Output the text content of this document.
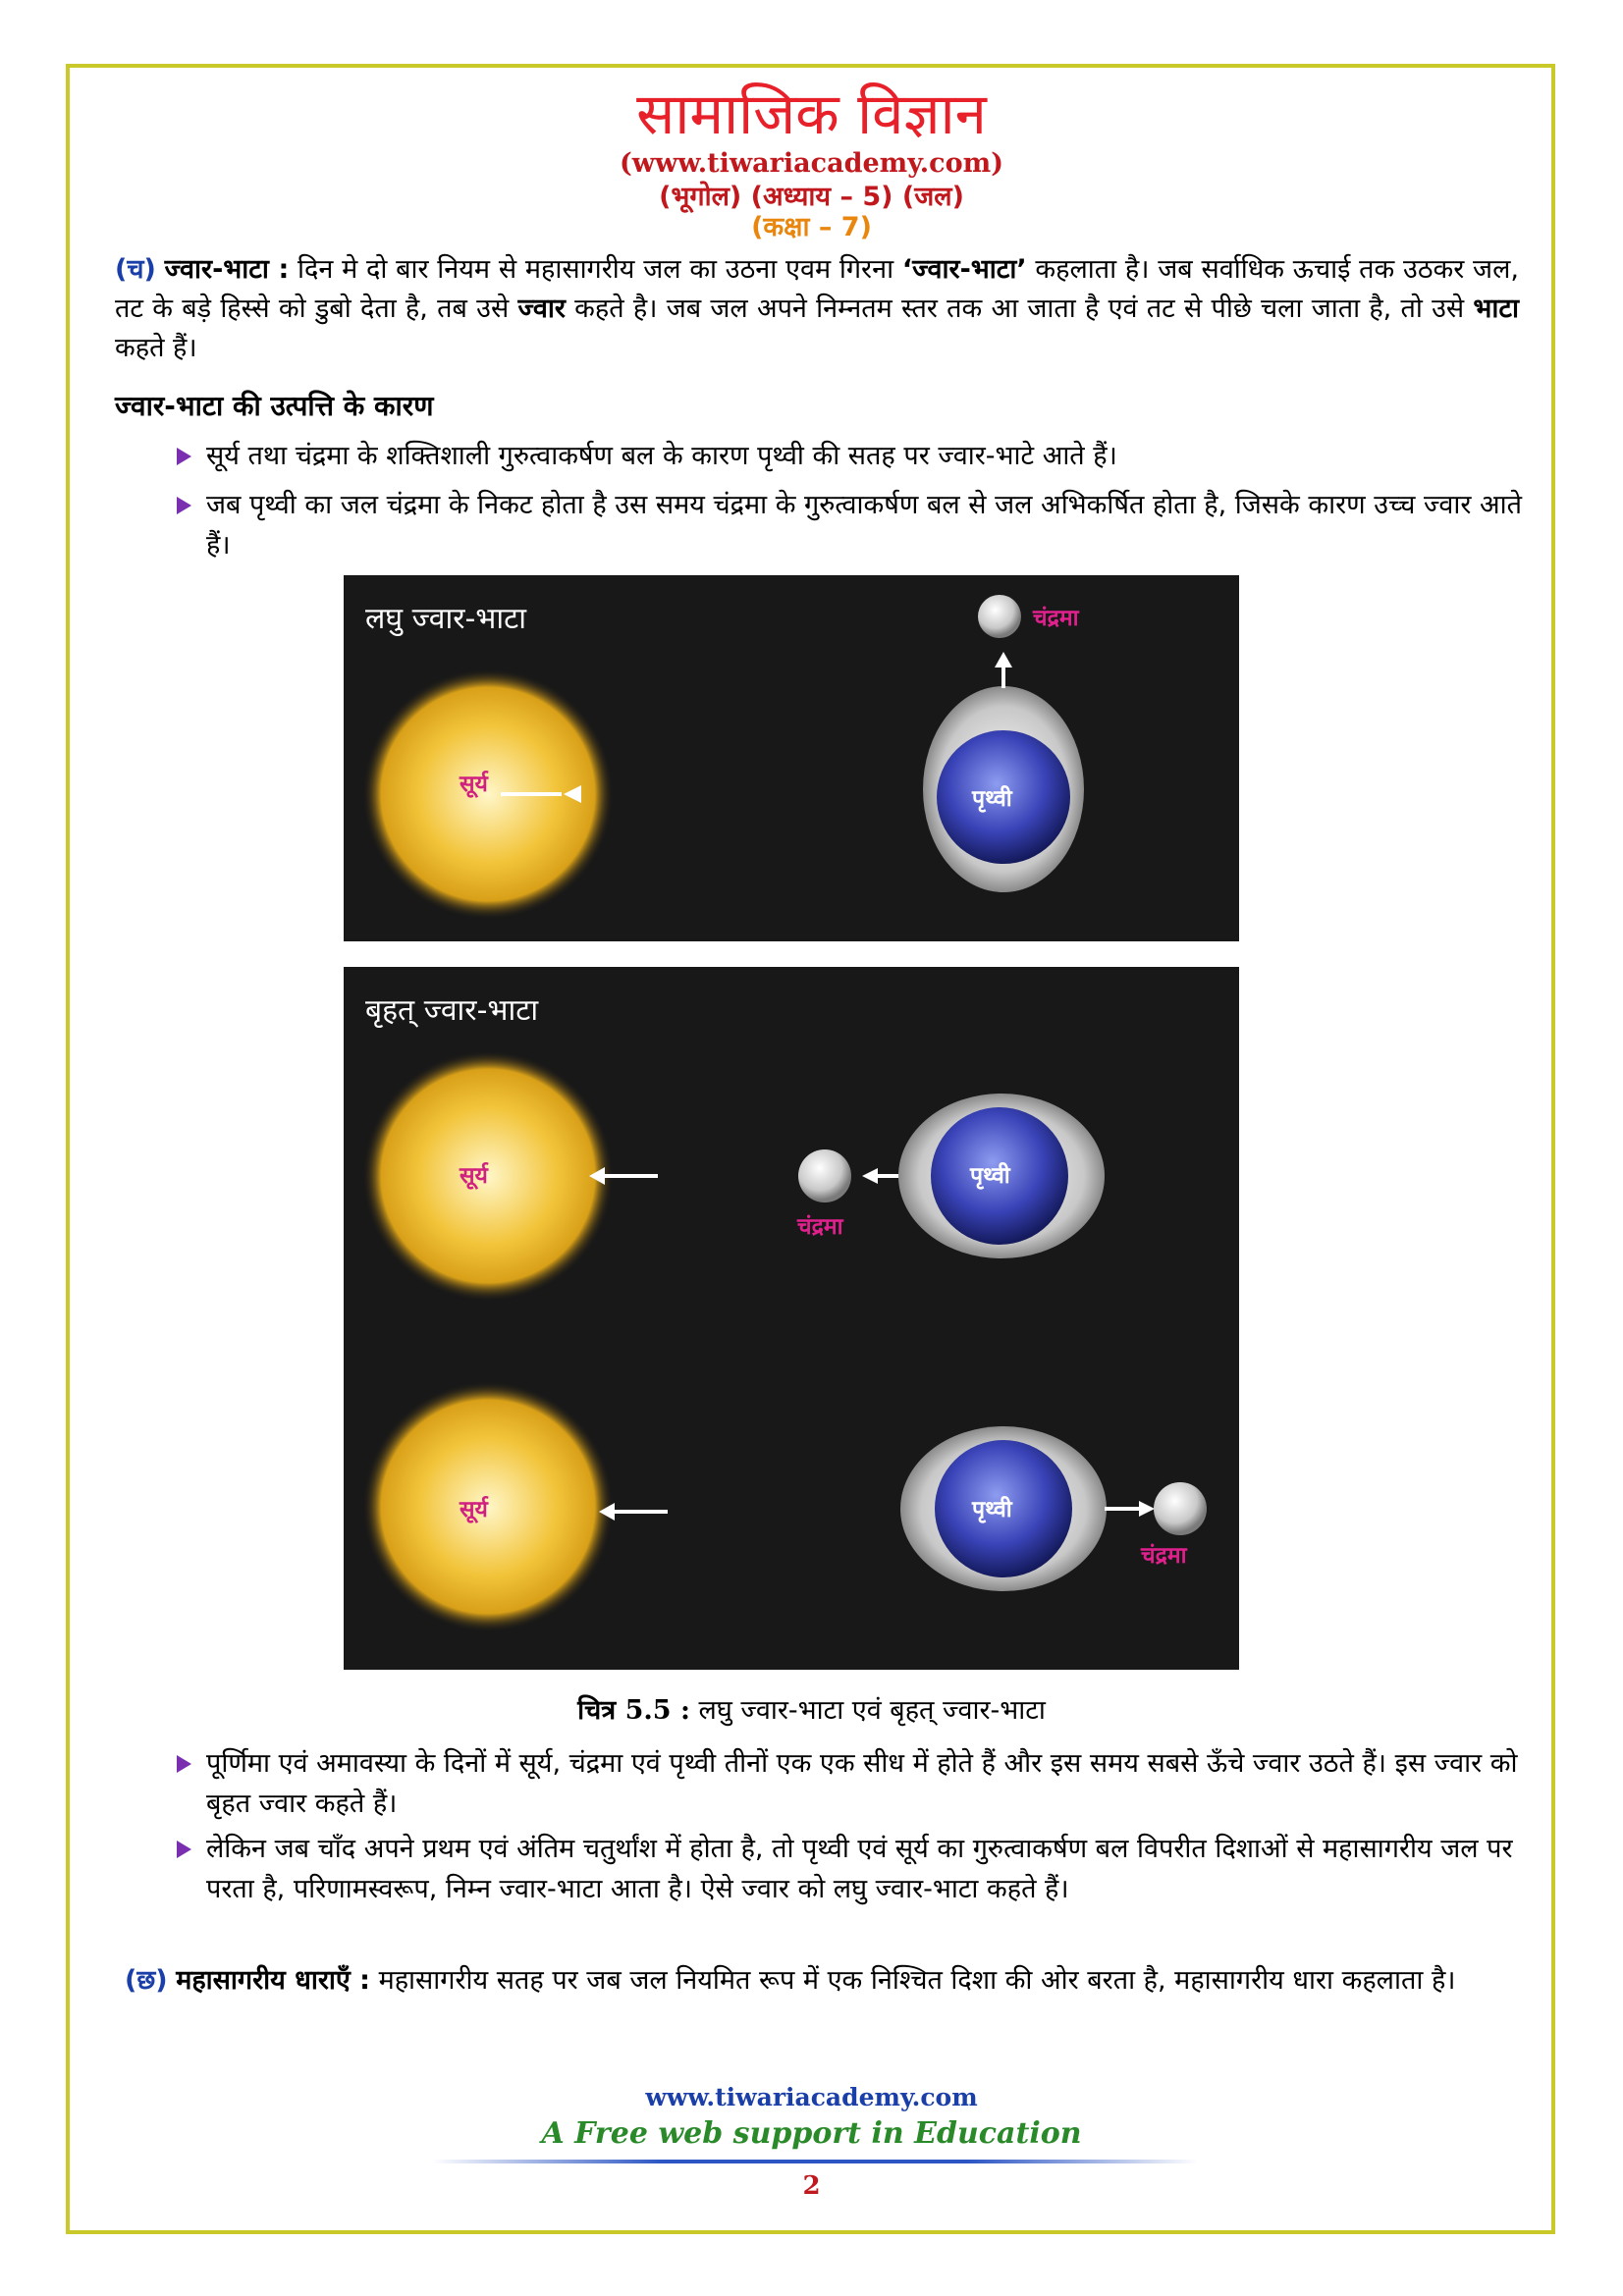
सामाजिक विज्ञान
(www.tiwariacademy.com)
(भूगोल) (अध्याय – 5) (जल)
(कक्षा – 7)
(च) ज्वार-भाटा : दिन मे दो बार नियम से महासागरीय जल का उठना एवम गिरना ‘ज्वार-भाटा’ कहलाता है। जब सर्वाधिक ऊचाई तक उठकर जल, तट के बड़े हिस्से को डुबो देता है, तब उसे ज्वार कहते है। जब जल अपने निम्नतम स्तर तक आ जाता है एवं तट से पीछे चला जाता है, तो उसे भाटा कहते हैं।
ज्वार-भाटा की उत्पत्ति के कारण
सूर्य तथा चंद्रमा के शक्तिशाली गुरुत्वाकर्षण बल के कारण पृथ्वी की सतह पर ज्वार-भाटे आते हैं।
जब पृथ्वी का जल चंद्रमा के निकट होता है उस समय चंद्रमा के गुरुत्वाकर्षण बल से जल अभिकर्षित होता है, जिसके कारण उच्च ज्वार आते हैं।
लघु ज्वार-भाटा
सूर्य
पृथ्वी
चंद्रमा
बृहत् ज्वार-भाटा
सूर्य	पृथ्वी
चंद्रमा
सूर्य	पृथ्वी
चंद्रमा
चित्र 5.5 : लघु ज्वार-भाटा एवं बृहत् ज्वार-भाटा
पूर्णिमा एवं अमावस्या के दिनों में सूर्य, चंद्रमा एवं पृथ्वी तीनों एक एक सीध में होते हैं और इस समय सबसे ऊँचे ज्वार उठते हैं। इस ज्वार को बृहत ज्वार कहते हैं।
लेकिन जब चाँद अपने प्रथम एवं अंतिम चतुर्थांश में होता है, तो पृथ्वी एवं सूर्य का गुरुत्वाकर्षण बल विपरीत दिशाओं से महासागरीय जल पर परता है, परिणामस्वरूप, निम्न ज्वार-भाटा आता है। ऐसे ज्वार को लघु ज्वार-भाटा कहते हैं।
(छ) महासागरीय धाराएँ : महासागरीय सतह पर जब जल नियमित रूप में एक निश्चित दिशा की ओर बरता है, महासागरीय धारा कहलाता है।
www.tiwariacademy.com
A Free web support in Education
2
